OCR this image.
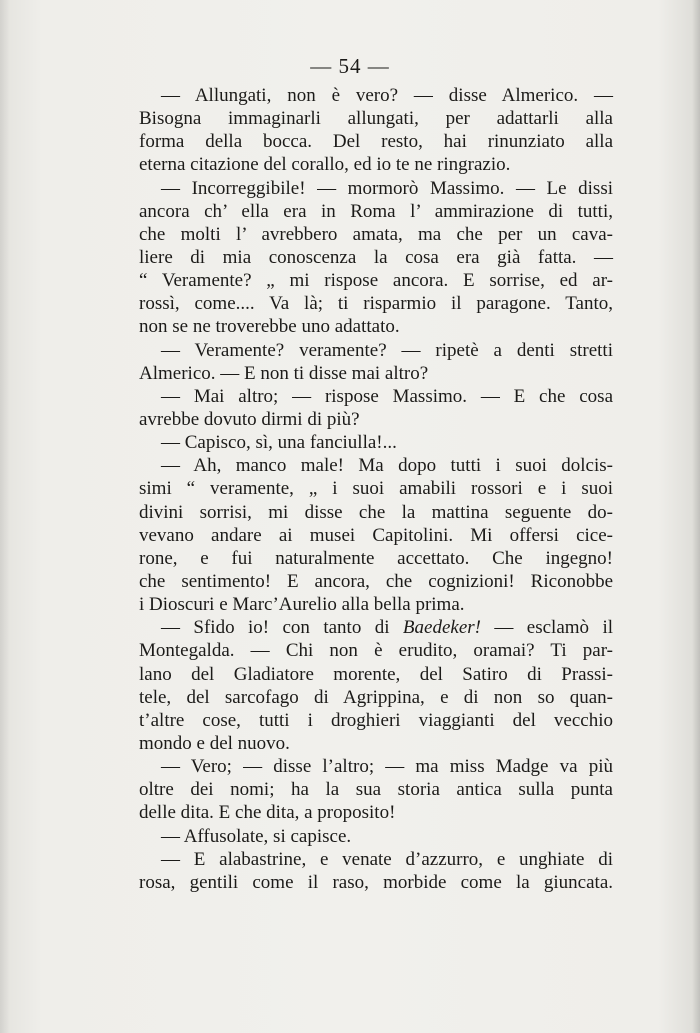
— 54 —
— Allungati, non è vero? — disse Almerico. —
Bisogna immaginarli allungati, per adattarli alla
forma della bocca. Del resto, hai rinunziato alla
eterna citazione del corallo, ed io te ne ringrazio.
— Incorreggibile! — mormorò Massimo. — Le dissi
ancora ch’ ella era in Roma l’ ammirazione di tutti,
che molti l’ avrebbero amata, ma che per un cava-
liere di mia conoscenza la cosa era già fatta. —
“ Veramente? „ mi rispose ancora. E sorrise, ed ar-
rossì, come.... Va là; ti risparmio il paragone. Tanto,
non se ne troverebbe uno adattato.
— Veramente? veramente? — ripetè a denti stretti
Almerico. — E non ti disse mai altro?
— Mai altro; — rispose Massimo. — E che cosa
avrebbe dovuto dirmi di più?
— Capisco, sì, una fanciulla!...
— Ah, manco male! Ma dopo tutti i suoi dolcis-
simi “ veramente, „ i suoi amabili rossori e i suoi
divini sorrisi, mi disse che la mattina seguente do-
vevano andare ai musei Capitolini. Mi offersi cice-
rone, e fui naturalmente accettato. Che ingegno!
che sentimento! E ancora, che cognizioni! Riconobbe
i Dioscuri e Marc’Aurelio alla bella prima.
— Sfido io! con tanto di Baedeker! — esclamò il
Montegalda. — Chi non è erudito, oramai? Ti par-
lano del Gladiatore morente, del Satiro di Prassi-
tele, del sarcofago di Agrippina, e di non so quan-
t’altre cose, tutti i droghieri viaggianti del vecchio
mondo e del nuovo.
— Vero; — disse l’altro; — ma miss Madge va più
oltre dei nomi; ha la sua storia antica sulla punta
delle dita. E che dita, a proposito!
— Affusolate, si capisce.
— E alabastrine, e venate d’azzurro, e unghiate di
rosa, gentili come il raso, morbide come la giuncata.
